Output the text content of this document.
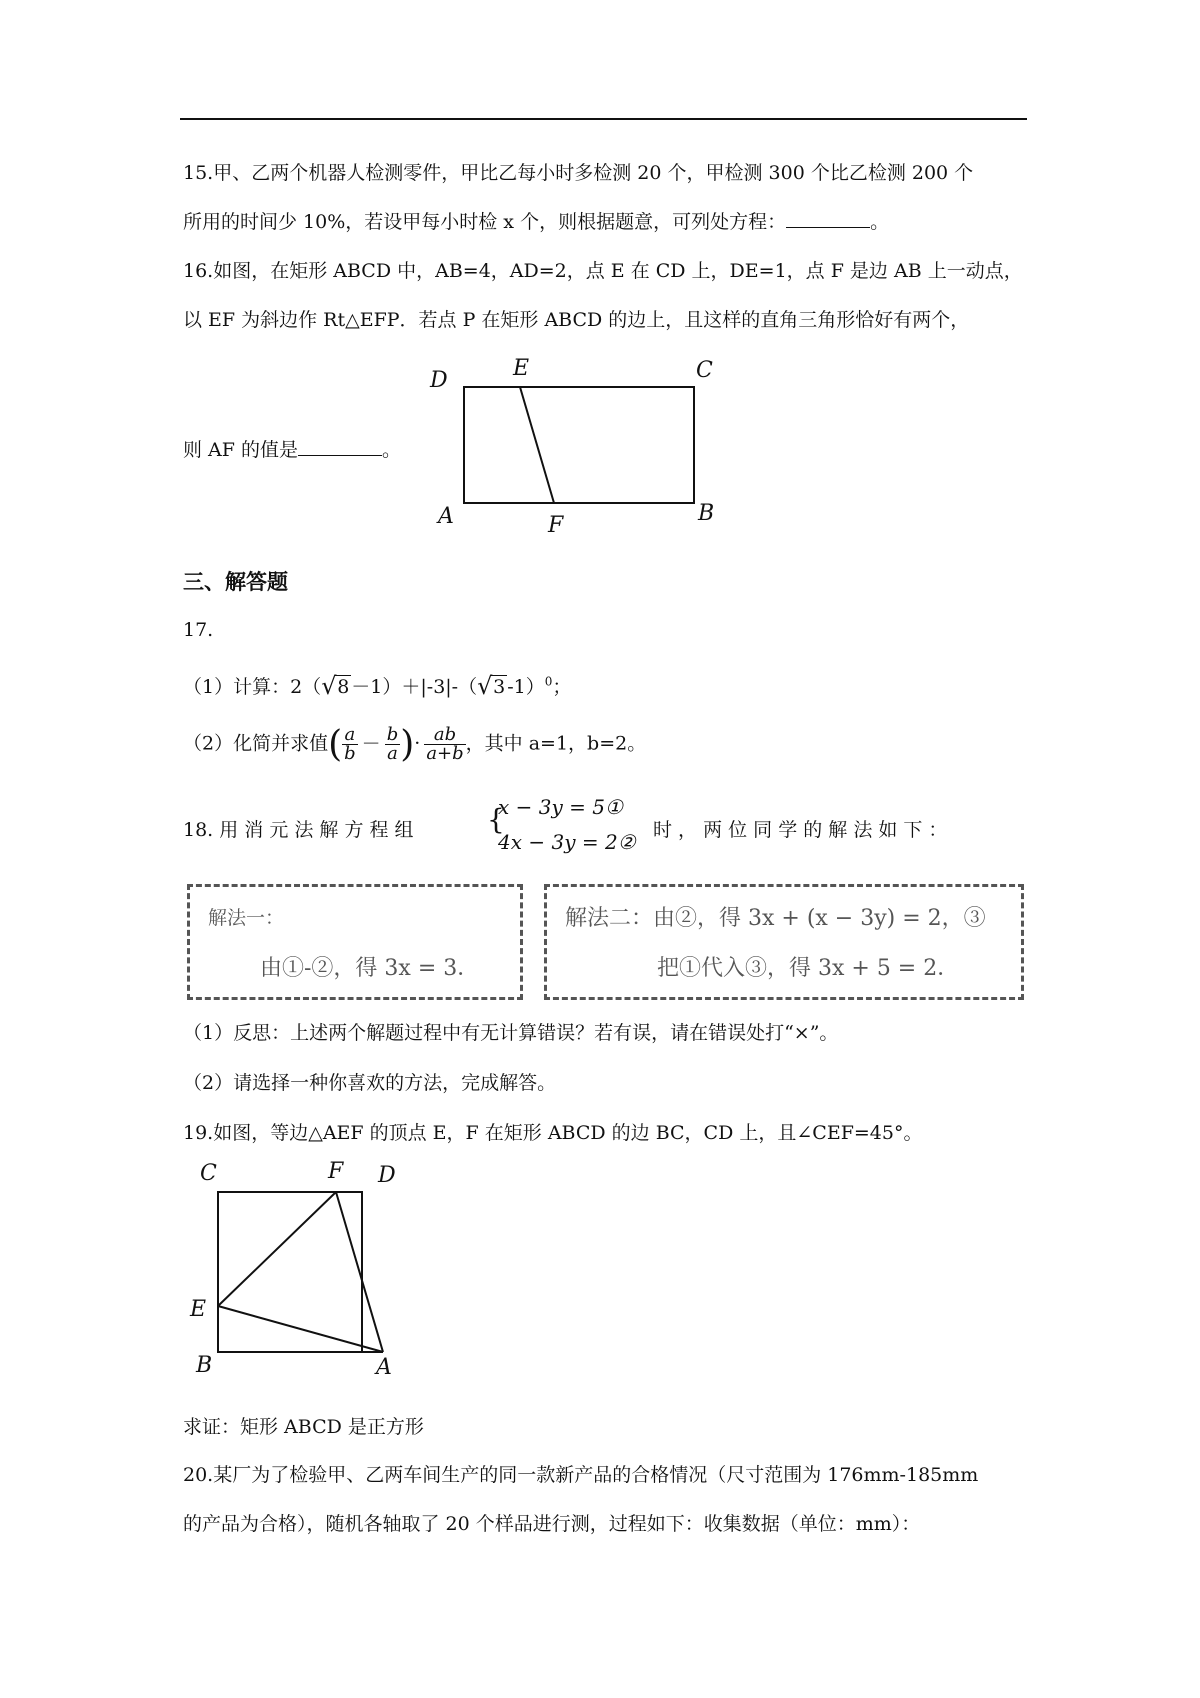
15.甲、乙两个机器人检测零件，甲比乙每小时多检测 20 个，甲检测 300 个比乙检测 200 个
所用的时间少 10%，若设甲每小时检 x 个，则根据题意，可列处方程：	。
16.如图，在矩形 ABCD 中，AB=4，AD=2，点 E 在 CD 上，DE=1，点 F 是边 AB 上一动点，
以 EF 为斜边作 Rt△EFP．若点 P 在矩形 ABCD 的边上，且这样的直角三角形恰好有两个，
则 AF 的值是	。
D	E	C
A	F	B
三、解答题
17.
（1）计算：2（ √ 8 －1）＋|-3|-（ √ 3 -1）$^0$；
（2）化简并求值( $\frac{a}{b} - \frac{b}{a}$ )· $\frac{ab}{a+b}$ ，其中 a=1，b=2。
18. 用 消 元 法 解 方 程 组	{
x − 3y = 5①
4x − 3y = 2② 时 ， 两 位 同 学 的 解 法 如 下 ：
解法一：
由①-②，得 3x = 3．
解法二：由②，得 3x + (x − 3y) = 2，③
把①代入③，得 3x + 5 = 2．
（1）反思：上述两个解题过程中有无计算错误？若有误，请在错误处打“×”。
（2）请选择一种你喜欢的方法，完成解答。
19.如图，等边△AEF 的顶点 E，F 在矩形 ABCD 的边 BC，CD 上，且∠CEF=45°。
C	F D
E
B	A
求证：矩形 ABCD 是正方形
20.某厂为了检验甲、乙两车间生产的同一款新产品的合格情况（尺寸范围为 176mm-185mm
的产品为合格），随机各轴取了 20 个样品进行测，过程如下：收集数据（单位：mm）：
